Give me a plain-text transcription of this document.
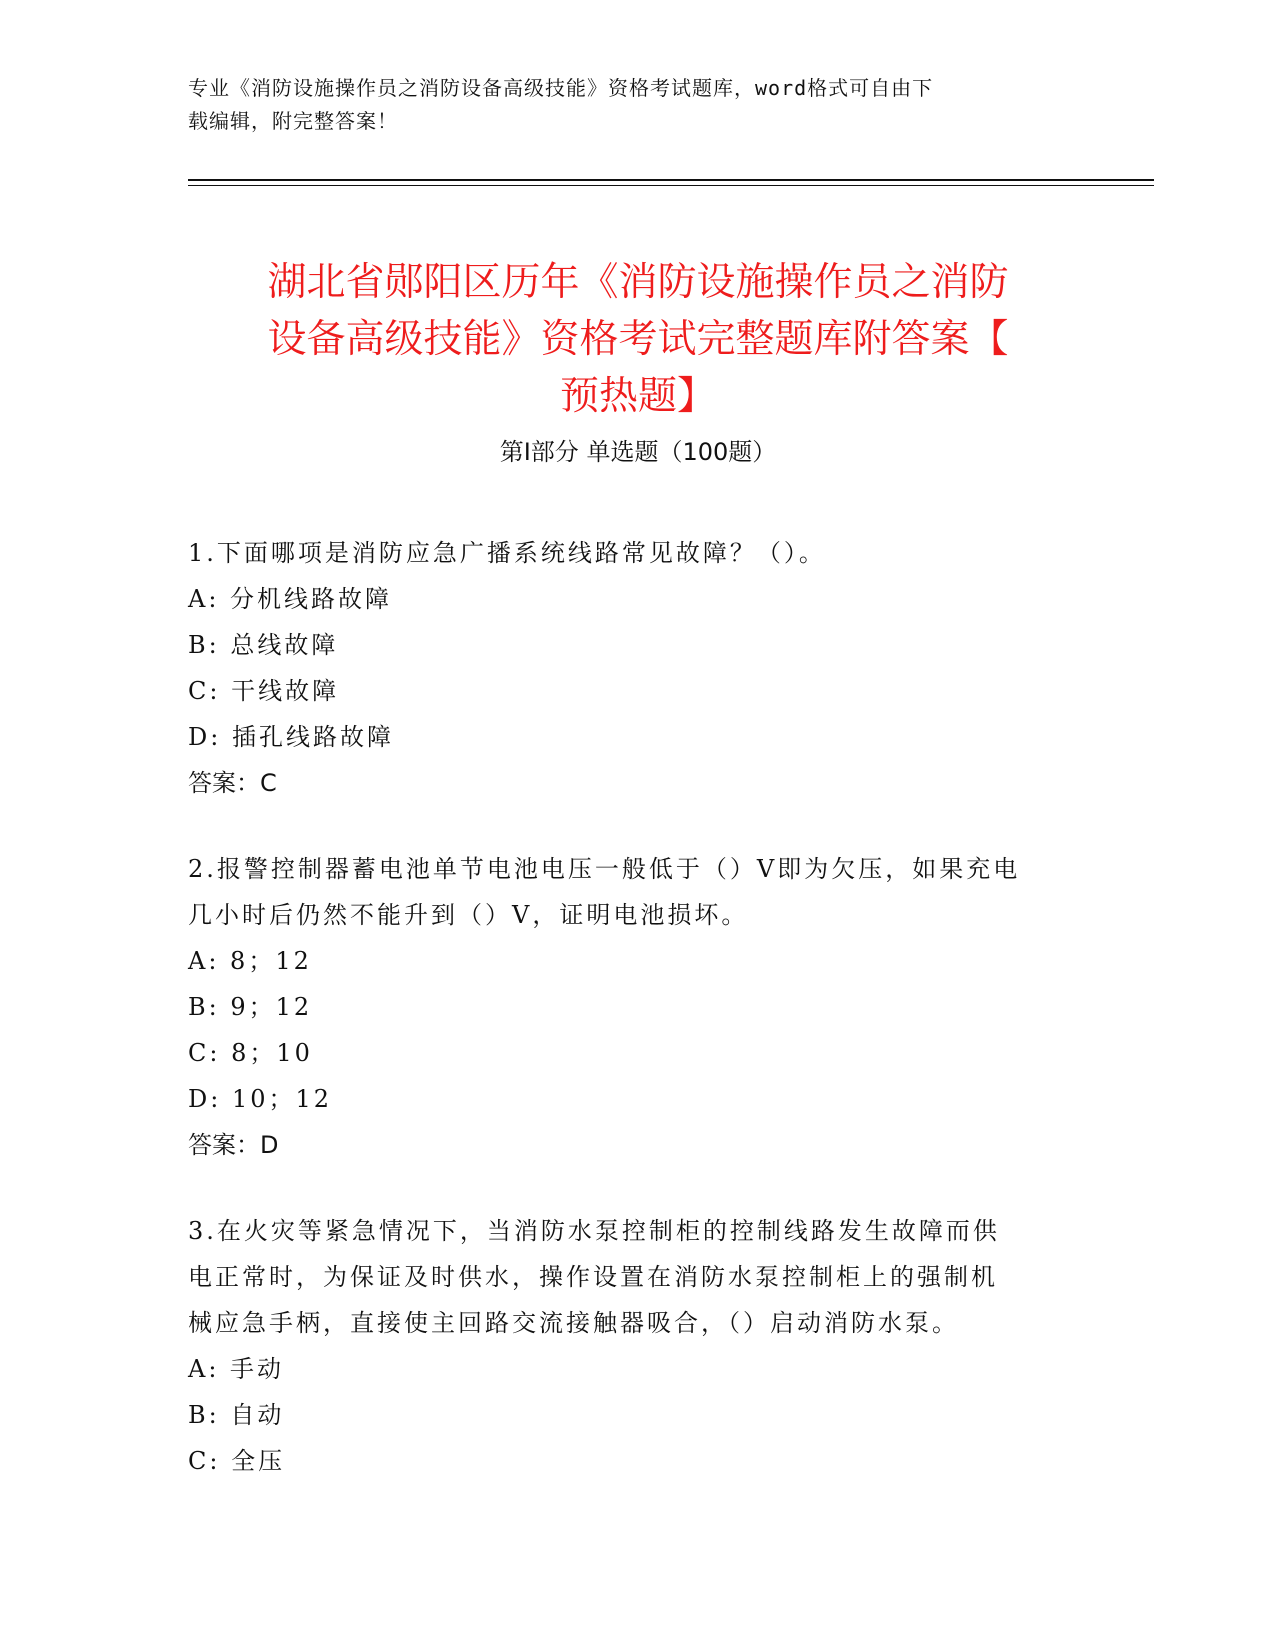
专业《消防设施操作员之消防设备高级技能》资格考试题库，word格式可自由下
载编辑，附完整答案！
湖北省郧阳区历年《消防设施操作员之消防
设备高级技能》资格考试完整题库附答案【
预热题】
第Ⅰ部分 单选题（100题）
1.下面哪项是消防应急广播系统线路常见故障？（）。
A: 分机线路故障
B: 总线故障
C: 干线故障
D: 插孔线路故障
答案：C
2.报警控制器蓄电池单节电池电压一般低于（）V即为欠压，如果充电
几小时后仍然不能升到（）V，证明电池损坏。
A: 8；12
B: 9；12
C: 8；10
D: 10；12
答案：D
3.在火灾等紧急情况下，当消防水泵控制柜的控制线路发生故障而供
电正常时，为保证及时供水，操作设置在消防水泵控制柜上的强制机
械应急手柄，直接使主回路交流接触器吸合，（）启动消防水泵。
A: 手动
B: 自动
C: 全压
